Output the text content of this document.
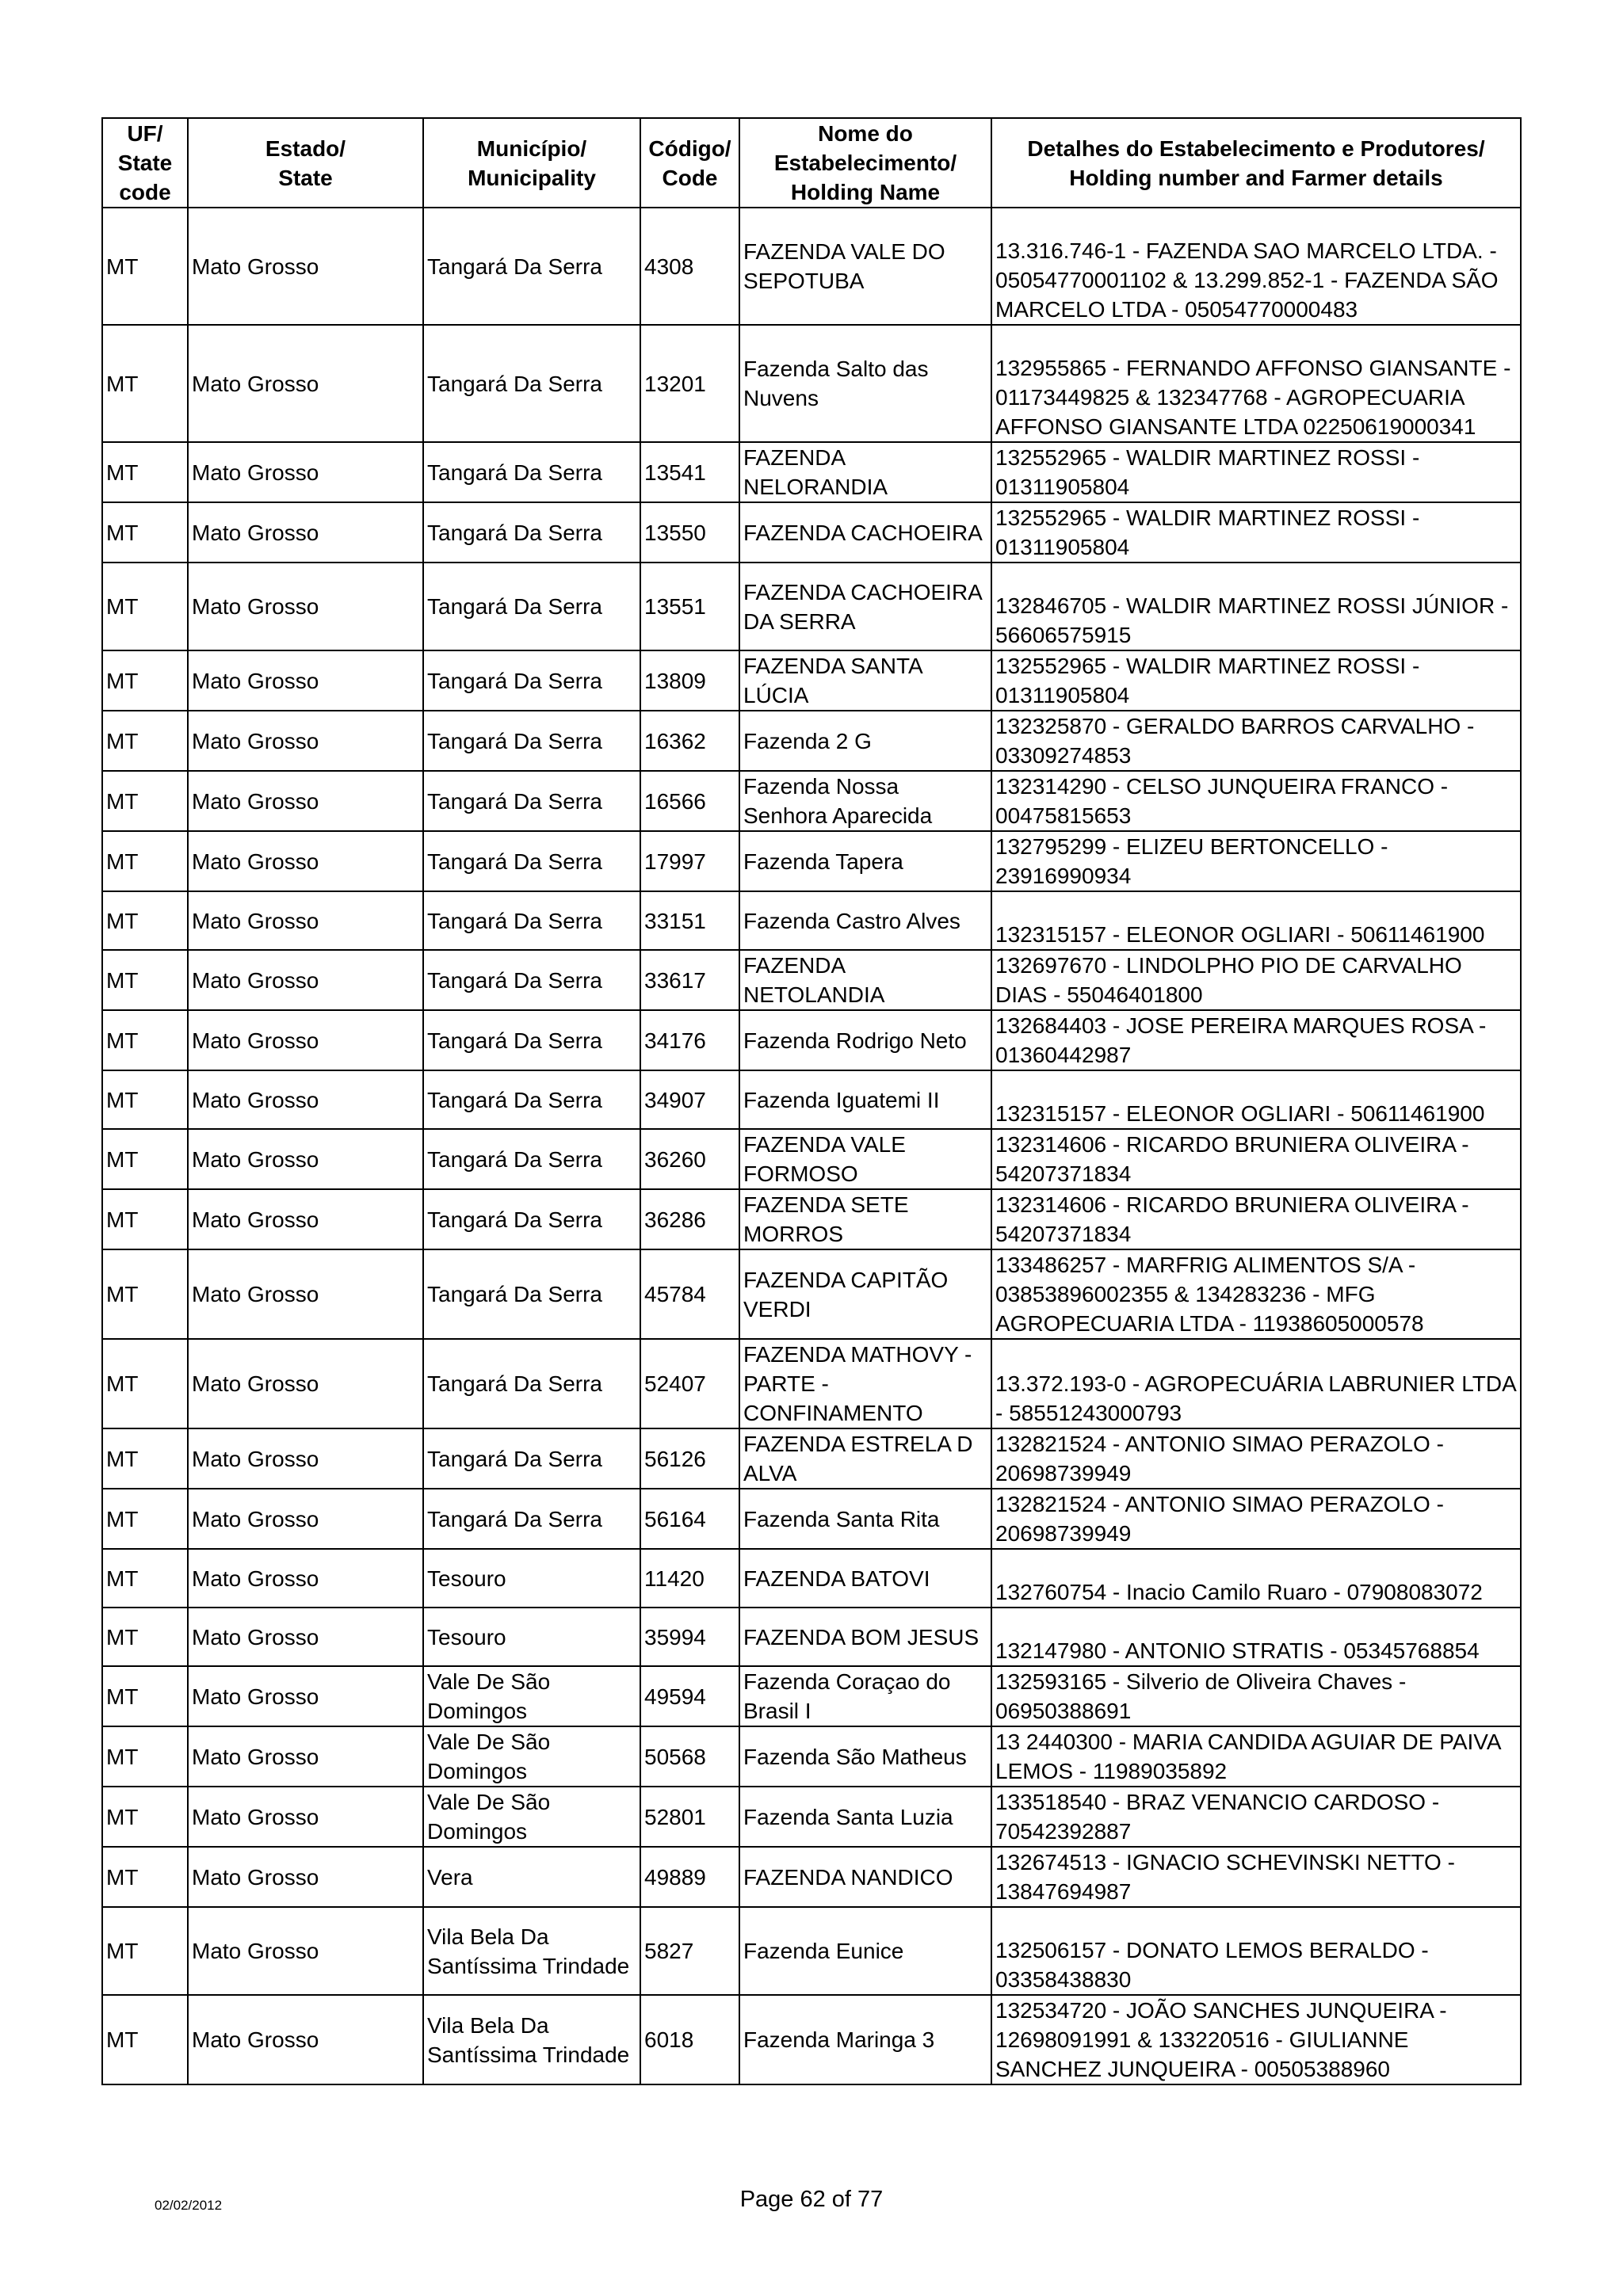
UF/
State
code	Estado/
State	Município/
Municipality	Código/
Code	Nome do
Estabelecimento/
Holding Name	Detalhes do Estabelecimento e Produtores/
Holding number and Farmer details
MT	Mato Grosso	Tangará Da Serra	4308	FAZENDA VALE DO SEPOTUBA	13.316.746-1 - FAZENDA SAO MARCELO LTDA. - 05054770001102 & 13.299.852-1 - FAZENDA SÃO MARCELO LTDA - 05054770000483
MT	Mato Grosso	Tangará Da Serra	13201	Fazenda Salto das Nuvens	132955865 - FERNANDO AFFONSO GIANSANTE - 01173449825 & 132347768 - AGROPECUARIA AFFONSO GIANSANTE LTDA 02250619000341
MT	Mato Grosso	Tangará Da Serra	13541	FAZENDA NELORANDIA	132552965 - WALDIR MARTINEZ ROSSI - 01311905804
MT	Mato Grosso	Tangará Da Serra	13550	FAZENDA CACHOEIRA	132552965 - WALDIR MARTINEZ ROSSI - 01311905804
MT	Mato Grosso	Tangará Da Serra	13551	FAZENDA CACHOEIRA DA SERRA	132846705 - WALDIR MARTINEZ ROSSI JÚNIOR - 56606575915
MT	Mato Grosso	Tangará Da Serra	13809	FAZENDA SANTA LÚCIA	132552965 - WALDIR MARTINEZ ROSSI - 01311905804
MT	Mato Grosso	Tangará Da Serra	16362	Fazenda 2 G	132325870 - GERALDO BARROS CARVALHO - 03309274853
MT	Mato Grosso	Tangará Da Serra	16566	Fazenda Nossa Senhora Aparecida	132314290 - CELSO JUNQUEIRA FRANCO - 00475815653
MT	Mato Grosso	Tangará Da Serra	17997	Fazenda Tapera	132795299 - ELIZEU BERTONCELLO - 23916990934
MT	Mato Grosso	Tangará Da Serra	33151	Fazenda Castro Alves	132315157 - ELEONOR OGLIARI - 50611461900
MT	Mato Grosso	Tangará Da Serra	33617	FAZENDA NETOLANDIA	132697670 - LINDOLPHO PIO DE CARVALHO DIAS - 55046401800
MT	Mato Grosso	Tangará Da Serra	34176	Fazenda Rodrigo Neto	132684403 - JOSE PEREIRA MARQUES ROSA - 01360442987
MT	Mato Grosso	Tangará Da Serra	34907	Fazenda Iguatemi II	132315157 - ELEONOR OGLIARI - 50611461900
MT	Mato Grosso	Tangará Da Serra	36260	FAZENDA VALE FORMOSO	132314606 - RICARDO BRUNIERA OLIVEIRA - 54207371834
MT	Mato Grosso	Tangará Da Serra	36286	FAZENDA SETE MORROS	132314606 - RICARDO BRUNIERA OLIVEIRA - 54207371834
MT	Mato Grosso	Tangará Da Serra	45784	FAZENDA CAPITÃO VERDI	133486257 - MARFRIG ALIMENTOS S/A - 03853896002355 & 134283236 - MFG AGROPECUARIA LTDA - 11938605000578
MT	Mato Grosso	Tangará Da Serra	52407	FAZENDA MATHOVY - PARTE - CONFINAMENTO	13.372.193-0 - AGROPECUÁRIA LABRUNIER LTDA - 58551243000793
MT	Mato Grosso	Tangará Da Serra	56126	FAZENDA ESTRELA D ALVA	132821524 - ANTONIO SIMAO PERAZOLO - 20698739949
MT	Mato Grosso	Tangará Da Serra	56164	Fazenda Santa Rita	132821524 - ANTONIO SIMAO PERAZOLO - 20698739949
MT	Mato Grosso	Tesouro	11420	FAZENDA BATOVI	132760754 - Inacio Camilo Ruaro - 07908083072
MT	Mato Grosso	Tesouro	35994	FAZENDA BOM JESUS	132147980 - ANTONIO STRATIS - 05345768854
MT	Mato Grosso	Vale De São Domingos	49594	Fazenda Coraçao do Brasil I	132593165 - Silverio de Oliveira Chaves - 06950388691
MT	Mato Grosso	Vale De São Domingos	50568	Fazenda São Matheus	13 2440300 - MARIA CANDIDA AGUIAR DE PAIVA LEMOS - 11989035892
MT	Mato Grosso	Vale De São Domingos	52801	Fazenda Santa Luzia	133518540 - BRAZ VENANCIO CARDOSO - 70542392887
MT	Mato Grosso	Vera	49889	FAZENDA NANDICO	132674513 - IGNACIO SCHEVINSKI NETTO - 13847694987
MT	Mato Grosso	Vila Bela Da Santíssima Trindade	5827	Fazenda Eunice	132506157 - DONATO LEMOS BERALDO - 03358438830
MT	Mato Grosso	Vila Bela Da Santíssima Trindade	6018	Fazenda Maringa 3	132534720 - JOÃO SANCHES JUNQUEIRA - 12698091991 & 133220516 - GIULIANNE SANCHEZ JUNQUEIRA - 00505388960
02/02/2012	Page 62 of 77
